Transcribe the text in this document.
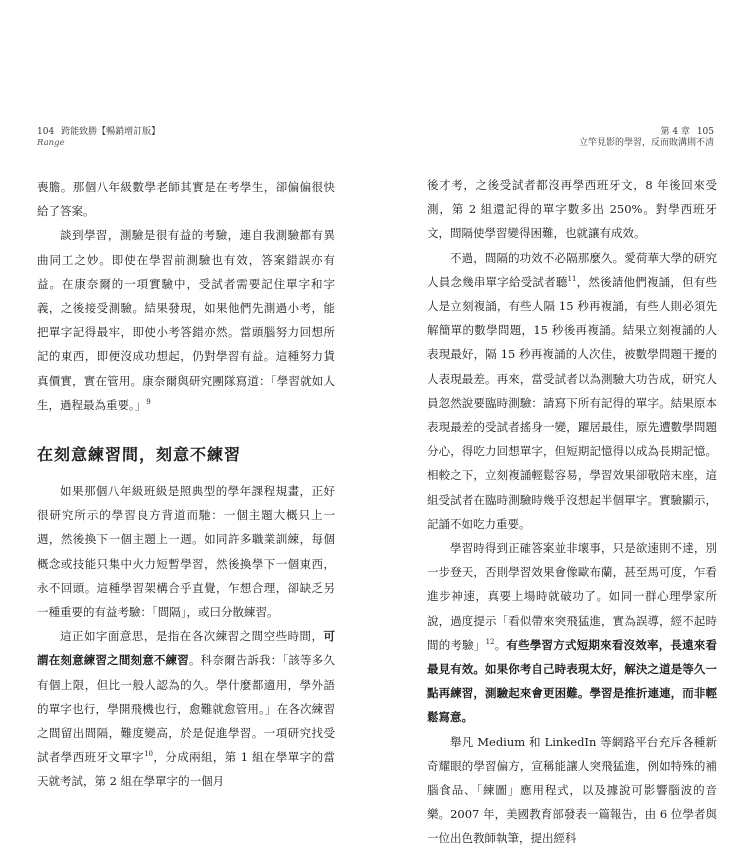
104 跨能致勝【暢銷增訂版】
Range

喪膽。那個八年級數學老師其實是在考學生，卻偏偏很快給了答案。

談到學習，測驗是很有益的考驗，連自我測驗都有異曲同工之妙。即使在學習前測驗也有效，答案錯誤亦有益。在康奈爾的一項實驗中，受試者需要記住單字和字義，之後接受測驗。結果發現，如果他們先測過小考，能把單字記得最牢，即使小考答錯亦然。當頭腦努力回想所記的東西，即便沒成功想起，仍對學習有益。這種努力貨真價實，實在管用。康奈爾與研究團隊寫道：「學習就如人生，過程最為重要。」$^9$

在刻意練習間，刻意不練習

如果那個八年級班級是照典型的學年課程規畫，正好很研究所示的學習良方背道而馳：一個主題大概只上一週，然後換下一個主題上一週。如同許多職業訓練，每個概念或技能只集中火力短暫學習，然後換學下一個東西，永不回頭。這種學習架構合乎直覺，乍想合理，卻缺乏另一種重要的有益考驗：「間隔」，或曰分散練習。

這正如字面意思，是指在各次練習之間空些時間，可謂在刻意練習之間刻意不練習。科奈爾告訴我：「該等多久有個上限，但比一般人認為的久。學什麼都適用，學外語的單字也行，學開飛機也行，愈難就愈管用。」在各次練習之間留出間隔，難度變高，於是促進學習。一項研究找受試者學西班牙文單字$^{10}$，分成兩組，第 1 組在學單字的當天就考試，第 2 組在學單字的一個月

第 4 章 105
立竿見影的學習，反而敗溝則不清

後才考，之後受試者都沒再學西班牙文，8 年後回來受測，第 2 組還記得的單字數多出 250%。對學西班牙文，間隔使學習變得困難，也就讓有成效。

不過，間隔的功效不必隔那麼久。愛荷華大學的研究人員念幾串單字給受試者聽$^{11}$，然後請他們複誦，但有些人是立刻複誦，有些人隔 15 秒再複誦，有些人則必須先解簡單的數學問題，15 秒後再複誦。結果立刻複誦的人表現最好，隔 15 秒再複誦的人次佳，被數學問題干擾的人表現最差。再來，當受試者以為測驗大功告成，研究人員忽然說要臨時測驗：請寫下所有記得的單字。結果原本表現最差的受試者搖身一變，躍居最佳，原先遭數學問題分心，得吃力回想單字，但短期記憶得以成為長期記憶。相較之下，立刻複誦輕鬆容易，學習效果卻敬陪末座，這組受試者在臨時測驗時幾乎沒想起半個單字。實驗顯示，記誦不如吃力重要。

學習時得到正確答案並非壞事，只是欲速則不達，別一步登天，否則學習效果會像歐布蘭，甚至馬可度，乍看進步神速，真要上場時就破功了。如同一群心理學家所說，過度提示「看似帶來突飛猛進，實為誤導，經不起時間的考驗」$^{12}$。有些學習方式短期來看沒效率，長遠來看最見有效。如果你考自己時表現太好，解決之道是等久一點再練習，測驗起來會更困難。學習是推折連連，而非輕鬆寫意。

舉凡 Medium 和 LinkedIn 等網路平台充斥各種新奇耀眼的學習偏方，宣稱能讓人突飛猛進，例如特殊的補腦食品、「練圖」應用程式，以及據說可影響腦波的音樂。2007 年，美國教育部發表一篇報告，由 6 位學者與一位出色教師執筆，提出經科
